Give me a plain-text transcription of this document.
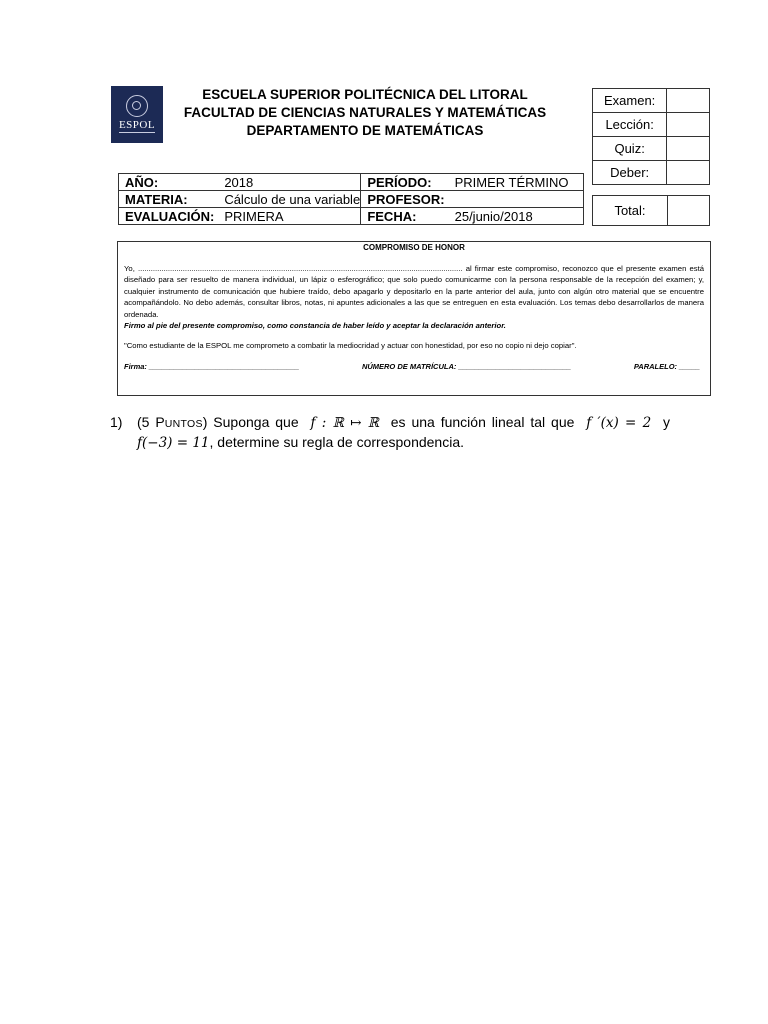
ESPOL
ESCUELA SUPERIOR POLITÉCNICA DEL LITORAL
FACULTAD DE CIENCIAS NATURALES Y MATEMÁTICAS
DEPARTAMENTO DE MATEMÁTICAS
Examen:	
Lección:	
Quiz:	
Deber:	
Total:	
AÑO:	2018	PERÍODO:	PRIMER TÉRMINO
MATERIA:	Cálculo de una variable	PROFESOR:	
EVALUACIÓN:	PRIMERA	FECHA:	25/junio/2018
COMPROMISO DE HONOR
Yo, ........................................................................................................................................................ al firmar este compromiso, reconozco que el presente examen está diseñado para ser resuelto de manera individual, un lápiz o esferográfico; que solo puedo comunicarme con la persona responsable de la recepción del examen; y, cualquier instrumento de comunicación que hubiere traído, debo apagarlo y depositarlo en la parte anterior del aula, junto con algún otro material que se encuentre acompañándolo. No debo además, consultar libros, notas, ni apuntes adicionales a las que se entreguen en esta evaluación. Los temas debo desarrollarlos de manera ordenada.
Firmo al pie del presente compromiso, como constancia de haber leído y aceptar la declaración anterior.
"Como estudiante de la ESPOL me comprometo a combatir la mediocridad y actuar con honestidad, por eso no copio ni dejo copiar".
Firma: ____________________________________	NÚMERO DE MATRÍCULA: ___________________________	PARALELO: _____
1) (5 PUNTOS) Suponga que f : ℝ ↦ ℝ es una función lineal tal que f ′(x) = 2 y
f(−3) = 11, determine su regla de correspondencia.
